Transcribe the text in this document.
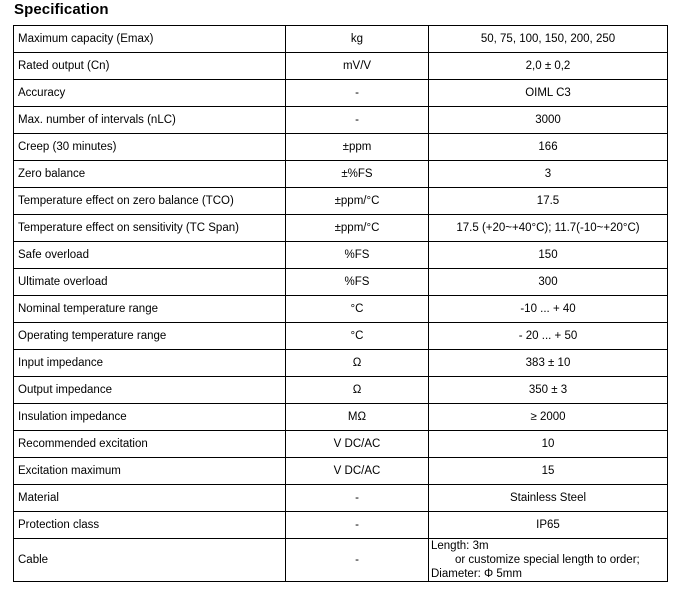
Specification
Maximum capacity (Emax)	kg	50, 75, 100, 150, 200, 250
Rated output (Cn)	mV/V	2,0 ± 0,2
Accuracy	-	OIML C3
Max. number of intervals (nLC)	-	3000
Creep (30 minutes)	±ppm	166
Zero balance	±%FS	3
Temperature effect on zero balance (TCO)	±ppm/°C	17.5
Temperature effect on sensitivity (TC Span)	±ppm/°C	17.5 (+20~+40°C); 11.7(-10~+20°C)
Safe overload	%FS	150
Ultimate overload	%FS	300
Nominal temperature range	°C	-10 ... + 40
Operating temperature range	°C	- 20 ... + 50
Input impedance	Ω	383 ± 10
Output impedance	Ω	350 ± 3
Insulation impedance	MΩ	≥ 2000
Recommended excitation	V DC/AC	10
Excitation maximum	V DC/AC	15
Material	-	Stainless Steel
Protection class	-	IP65
Cable	-	Length: 3m
or customize special length to order;
Diameter: Φ 5mm
